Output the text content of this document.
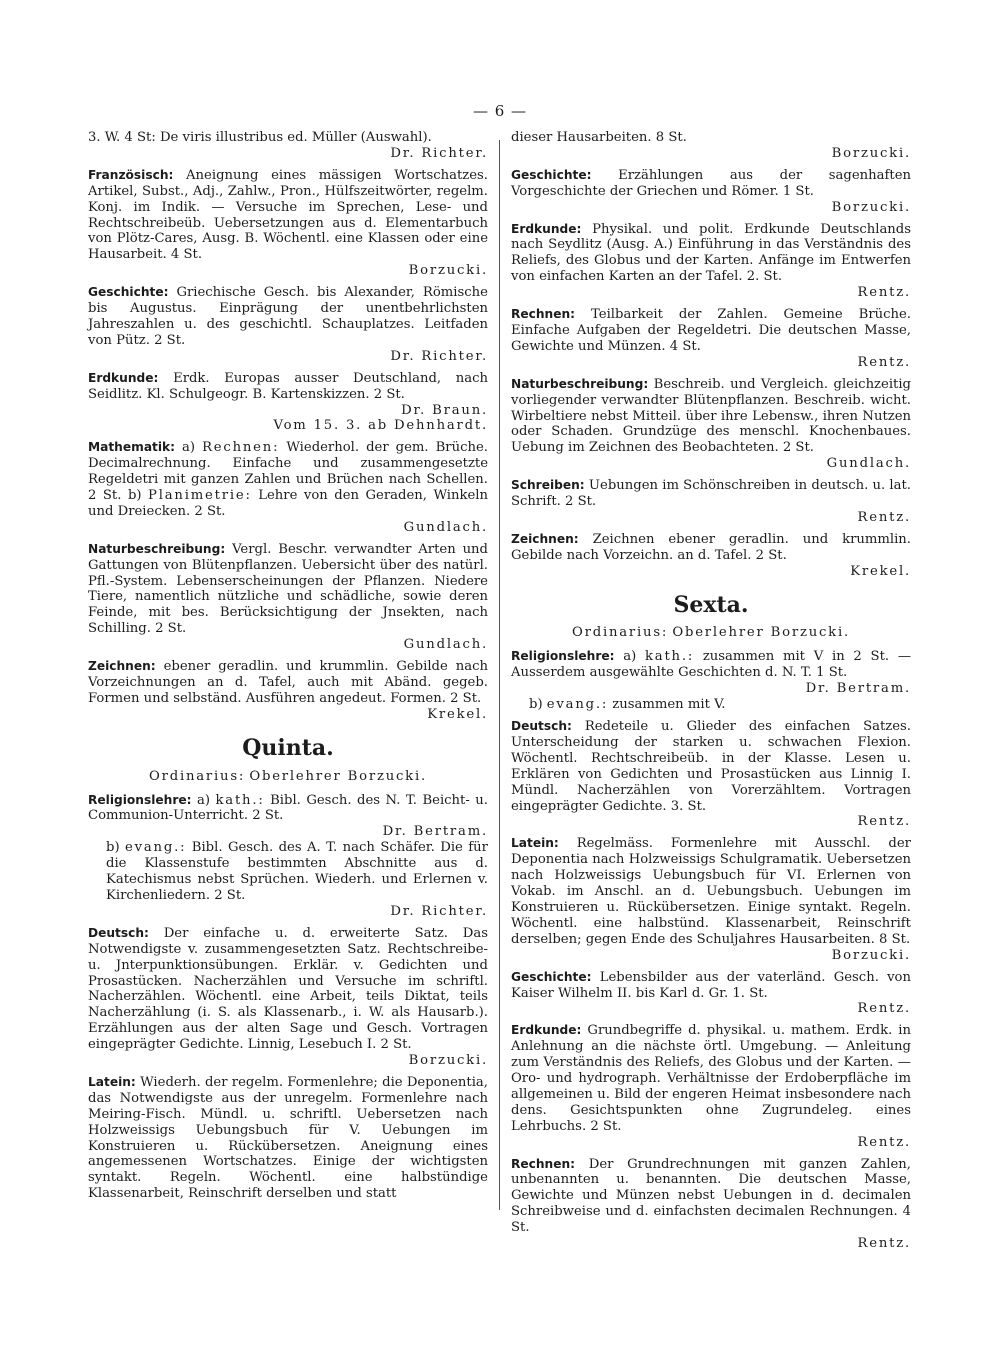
— 6 —

3. W. 4 St: De viris illustribus ed. Müller (Auswahl).
Dr. Richter.

Französisch: Aneignung eines mässigen Wortschatzes. Artikel, Subst., Adj., Zahlw., Pron., Hülfszeitwörter, regelm. Konj. im Indik. — Versuche im Sprechen, Lese- und Rechtschreibeüb. Uebersetzungen aus d. Elementarbuch von Plötz-Cares, Ausg. B. Wöchentl. eine Klassen oder eine Hausarbeit. 4 St.
Borzucki.

Geschichte: Griechische Gesch. bis Alexander, Römische bis Augustus. Einprägung der unentbehrlichsten Jahreszahlen u. des geschichtl. Schauplatzes. Leitfaden von Pütz. 2 St.
Dr. Richter.

Erdkunde: Erdk. Europas ausser Deutschland, nach Seidlitz. Kl. Schulgeogr. B. Kartenskizzen. 2 St.
Dr. Braun.
Vom 15. 3. ab Dehnhardt.

Mathematik: a) Rechnen: Wiederhol. der gem. Brüche. Decimalrechnung. Einfache und zusammengesetzte Regeldetri mit ganzen Zahlen und Brüchen nach Schellen. 2 St. b) Planimetrie: Lehre von den Geraden, Winkeln und Dreiecken. 2 St.
Gundlach.

Naturbeschreibung: Vergl. Beschr. verwandter Arten und Gattungen von Blütenpflanzen. Uebersicht über des natürl. Pfl.-System. Lebenserscheinungen der Pflanzen. Niedere Tiere, namentlich nützliche und schädliche, sowie deren Feinde, mit bes. Berücksichtigung der Jnsekten, nach Schilling. 2 St.
Gundlach.

Zeichnen: ebener geradlin. und krummlin. Gebilde nach Vorzeichnungen an d. Tafel, auch mit Abänd. gegeb. Formen und selbständ. Ausführen angedeut. Formen. 2 St.
Krekel.

Quinta.

Ordinarius: Oberlehrer Borzucki.

Religionslehre: a) kath.: Bibl. Gesch. des N. T. Beicht- u. Communion-Unterricht. 2 St.
Dr. Bertram.
b) evang.: Bibl. Gesch. des A. T. nach Schäfer. Die für die Klassenstufe bestimmten Abschnitte aus d. Katechismus nebst Sprüchen. Wiederh. und Erlernen v. Kirchenliedern. 2 St.
Dr. Richter.

Deutsch: Der einfache u. d. erweiterte Satz. Das Notwendigste v. zusammengesetzten Satz. Rechtschreibe-u. Jnterpunktionsübungen. Erklär. v. Gedichten und Prosastücken. Nacherzählen und Versuche im schriftl. Nacherzählen. Wöchentl. eine Arbeit, teils Diktat, teils Nacherzählung (i. S. als Klassenarb., i. W. als Hausarb.). Erzählungen aus der alten Sage und Gesch. Vortragen eingeprägter Gedichte. Linnig, Lesebuch I. 2 St.
Borzucki.

Latein: Wiederh. der regelm. Formenlehre; die Deponentia, das Notwendigste aus der unregelm. Formenlehre nach Meiring-Fisch. Mündl. u. schriftl. Uebersetzen nach Holzweissigs Uebungsbuch für V. Uebungen im Konstruieren u. Rückübersetzen. Aneignung eines angemessenen Wortschatzes. Einige der wichtigsten syntakt. Regeln. Wöchentl. eine halbstündige Klassenarbeit, Reinschrift derselben und statt

dieser Hausarbeiten. 8 St.
Borzucki.

Geschichte: Erzählungen aus der sagenhaften Vorgeschichte der Griechen und Römer. 1 St.
Borzucki.

Erdkunde: Physikal. und polit. Erdkunde Deutschlands nach Seydlitz (Ausg. A.) Einführung in das Verständnis des Reliefs, des Globus und der Karten. Anfänge im Entwerfen von einfachen Karten an der Tafel. 2. St.
Rentz.

Rechnen: Teilbarkeit der Zahlen. Gemeine Brüche. Einfache Aufgaben der Regeldetri. Die deutschen Masse, Gewichte und Münzen. 4 St.
Rentz.

Naturbeschreibung: Beschreib. und Vergleich. gleichzeitig vorliegender verwandter Blütenpflanzen. Beschreib. wicht. Wirbeltiere nebst Mitteil. über ihre Lebensw., ihren Nutzen oder Schaden. Grundzüge des menschl. Knochenbaues. Uebung im Zeichnen des Beobachteten. 2 St.
Gundlach.

Schreiben: Uebungen im Schönschreiben in deutsch. u. lat. Schrift. 2 St.
Rentz.

Zeichnen: Zeichnen ebener geradlin. und krummlin. Gebilde nach Vorzeichn. an d. Tafel. 2 St.
Krekel.

Sexta.

Ordinarius: Oberlehrer Borzucki.

Religionslehre: a) kath.: zusammen mit V in 2 St. — Ausserdem ausgewählte Geschichten d. N. T. 1 St.
Dr. Bertram.
b) evang.: zusammen mit V.

Deutsch: Redeteile u. Glieder des einfachen Satzes. Unterscheidung der starken u. schwachen Flexion. Wöchentl. Rechtschreibeüb. in der Klasse. Lesen u. Erklären von Gedichten und Prosastücken aus Linnig I. Mündl. Nacherzählen von Vorerzähltem. Vortragen eingeprägter Gedichte. 3. St.
Rentz.

Latein: Regelmäss. Formenlehre mit Ausschl. der Deponentia nach Holzweissigs Schulgramatik. Uebersetzen nach Holzweissigs Uebungsbuch für VI. Erlernen von Vokab. im Anschl. an d. Uebungsbuch. Uebungen im Konstruieren u. Rückübersetzen. Einige syntakt. Regeln. Wöchentl. eine halbstünd. Klassenarbeit, Reinschrift derselben; gegen Ende des Schuljahres Hausarbeiten. 8 St.
Borzucki.

Geschichte: Lebensbilder aus der vaterländ. Gesch. von Kaiser Wilhelm II. bis Karl d. Gr. 1. St.
Rentz.

Erdkunde: Grundbegriffe d. physikal. u. mathem. Erdk. in Anlehnung an die nächste örtl. Umgebung. — Anleitung zum Verständnis des Reliefs, des Globus und der Karten. — Oro- und hydrograph. Verhältnisse der Erdoberpfläche im allgemeinen u. Bild der engeren Heimat insbesondere nach dens. Gesichtspunkten ohne Zugrundeleg. eines Lehrbuchs. 2 St.
Rentz.

Rechnen: Der Grundrechnungen mit ganzen Zahlen, unbenannten u. benannten. Die deutschen Masse, Gewichte und Münzen nebst Uebungen in d. decimalen Schreibweise und d. einfachsten decimalen Rechnungen. 4 St.
Rentz.
